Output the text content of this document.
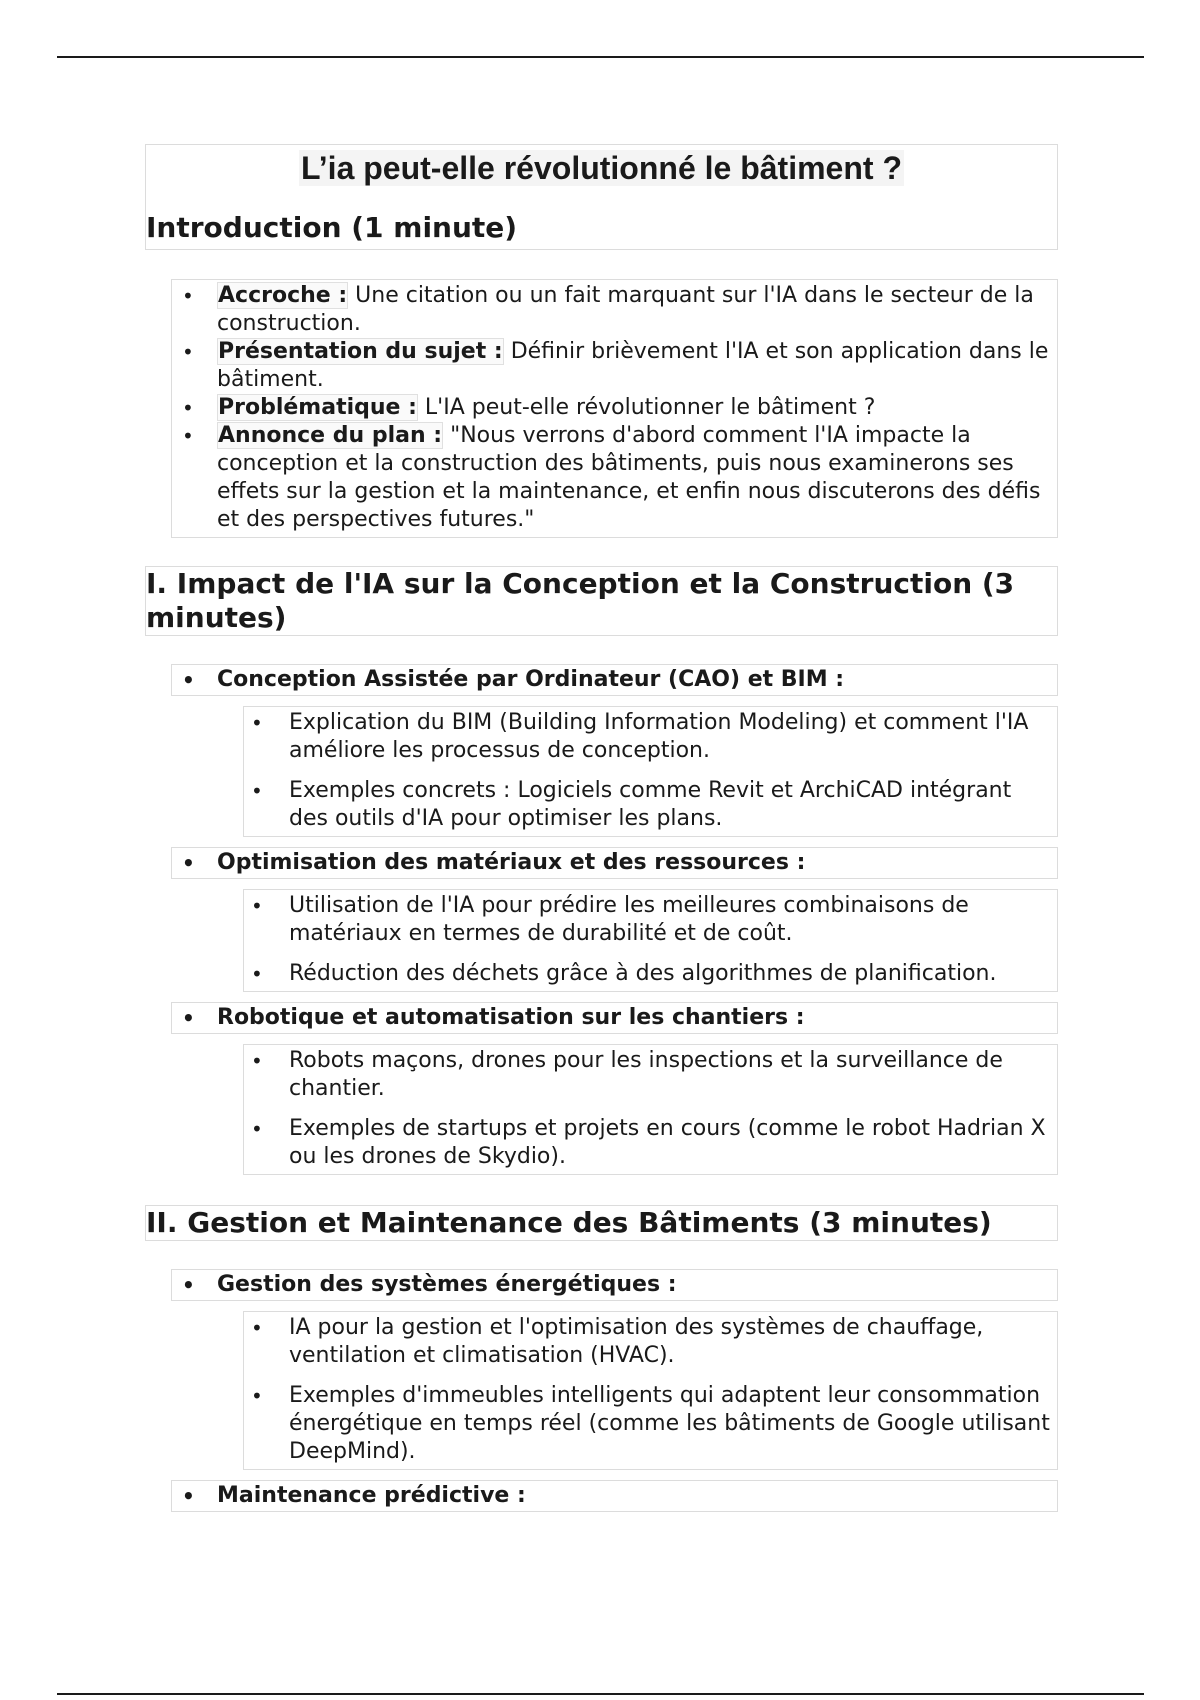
L’ia peut-elle révolutionné le bâtiment ?
Introduction (1 minute)

• Accroche : Une citation ou un fait marquant sur l'IA dans le secteur de la construction.

• Présentation du sujet : Définir brièvement l'IA et son application dans le bâtiment.

• Problématique : L'IA peut-elle révolutionner le bâtiment ?

• Annonce du plan : "Nous verrons d'abord comment l'IA impacte la conception et la construction des bâtiments, puis nous examinerons ses effets sur la gestion et la maintenance, et enfin nous discuterons des défis et des perspectives futures."

I. Impact de l'IA sur la Conception et la Construction (3 minutes)

• Conception Assistée par Ordinateur (CAO) et BIM :

• Explication du BIM (Building Information Modeling) et comment l'IA améliore les processus de conception.

• Exemples concrets : Logiciels comme Revit et ArchiCAD intégrant des outils d'IA pour optimiser les plans.

• Optimisation des matériaux et des ressources :

• Utilisation de l'IA pour prédire les meilleures combinaisons de matériaux en termes de durabilité et de coût.

• Réduction des déchets grâce à des algorithmes de planification.

• Robotique et automatisation sur les chantiers :

• Robots maçons, drones pour les inspections et la surveillance de chantier.

• Exemples de startups et projets en cours (comme le robot Hadrian X ou les drones de Skydio).

II. Gestion et Maintenance des Bâtiments (3 minutes)

• Gestion des systèmes énergétiques :

• IA pour la gestion et l'optimisation des systèmes de chauffage, ventilation et climatisation (HVAC).

• Exemples d'immeubles intelligents qui adaptent leur consommation énergétique en temps réel (comme les bâtiments de Google utilisant DeepMind).

• Maintenance prédictive :
